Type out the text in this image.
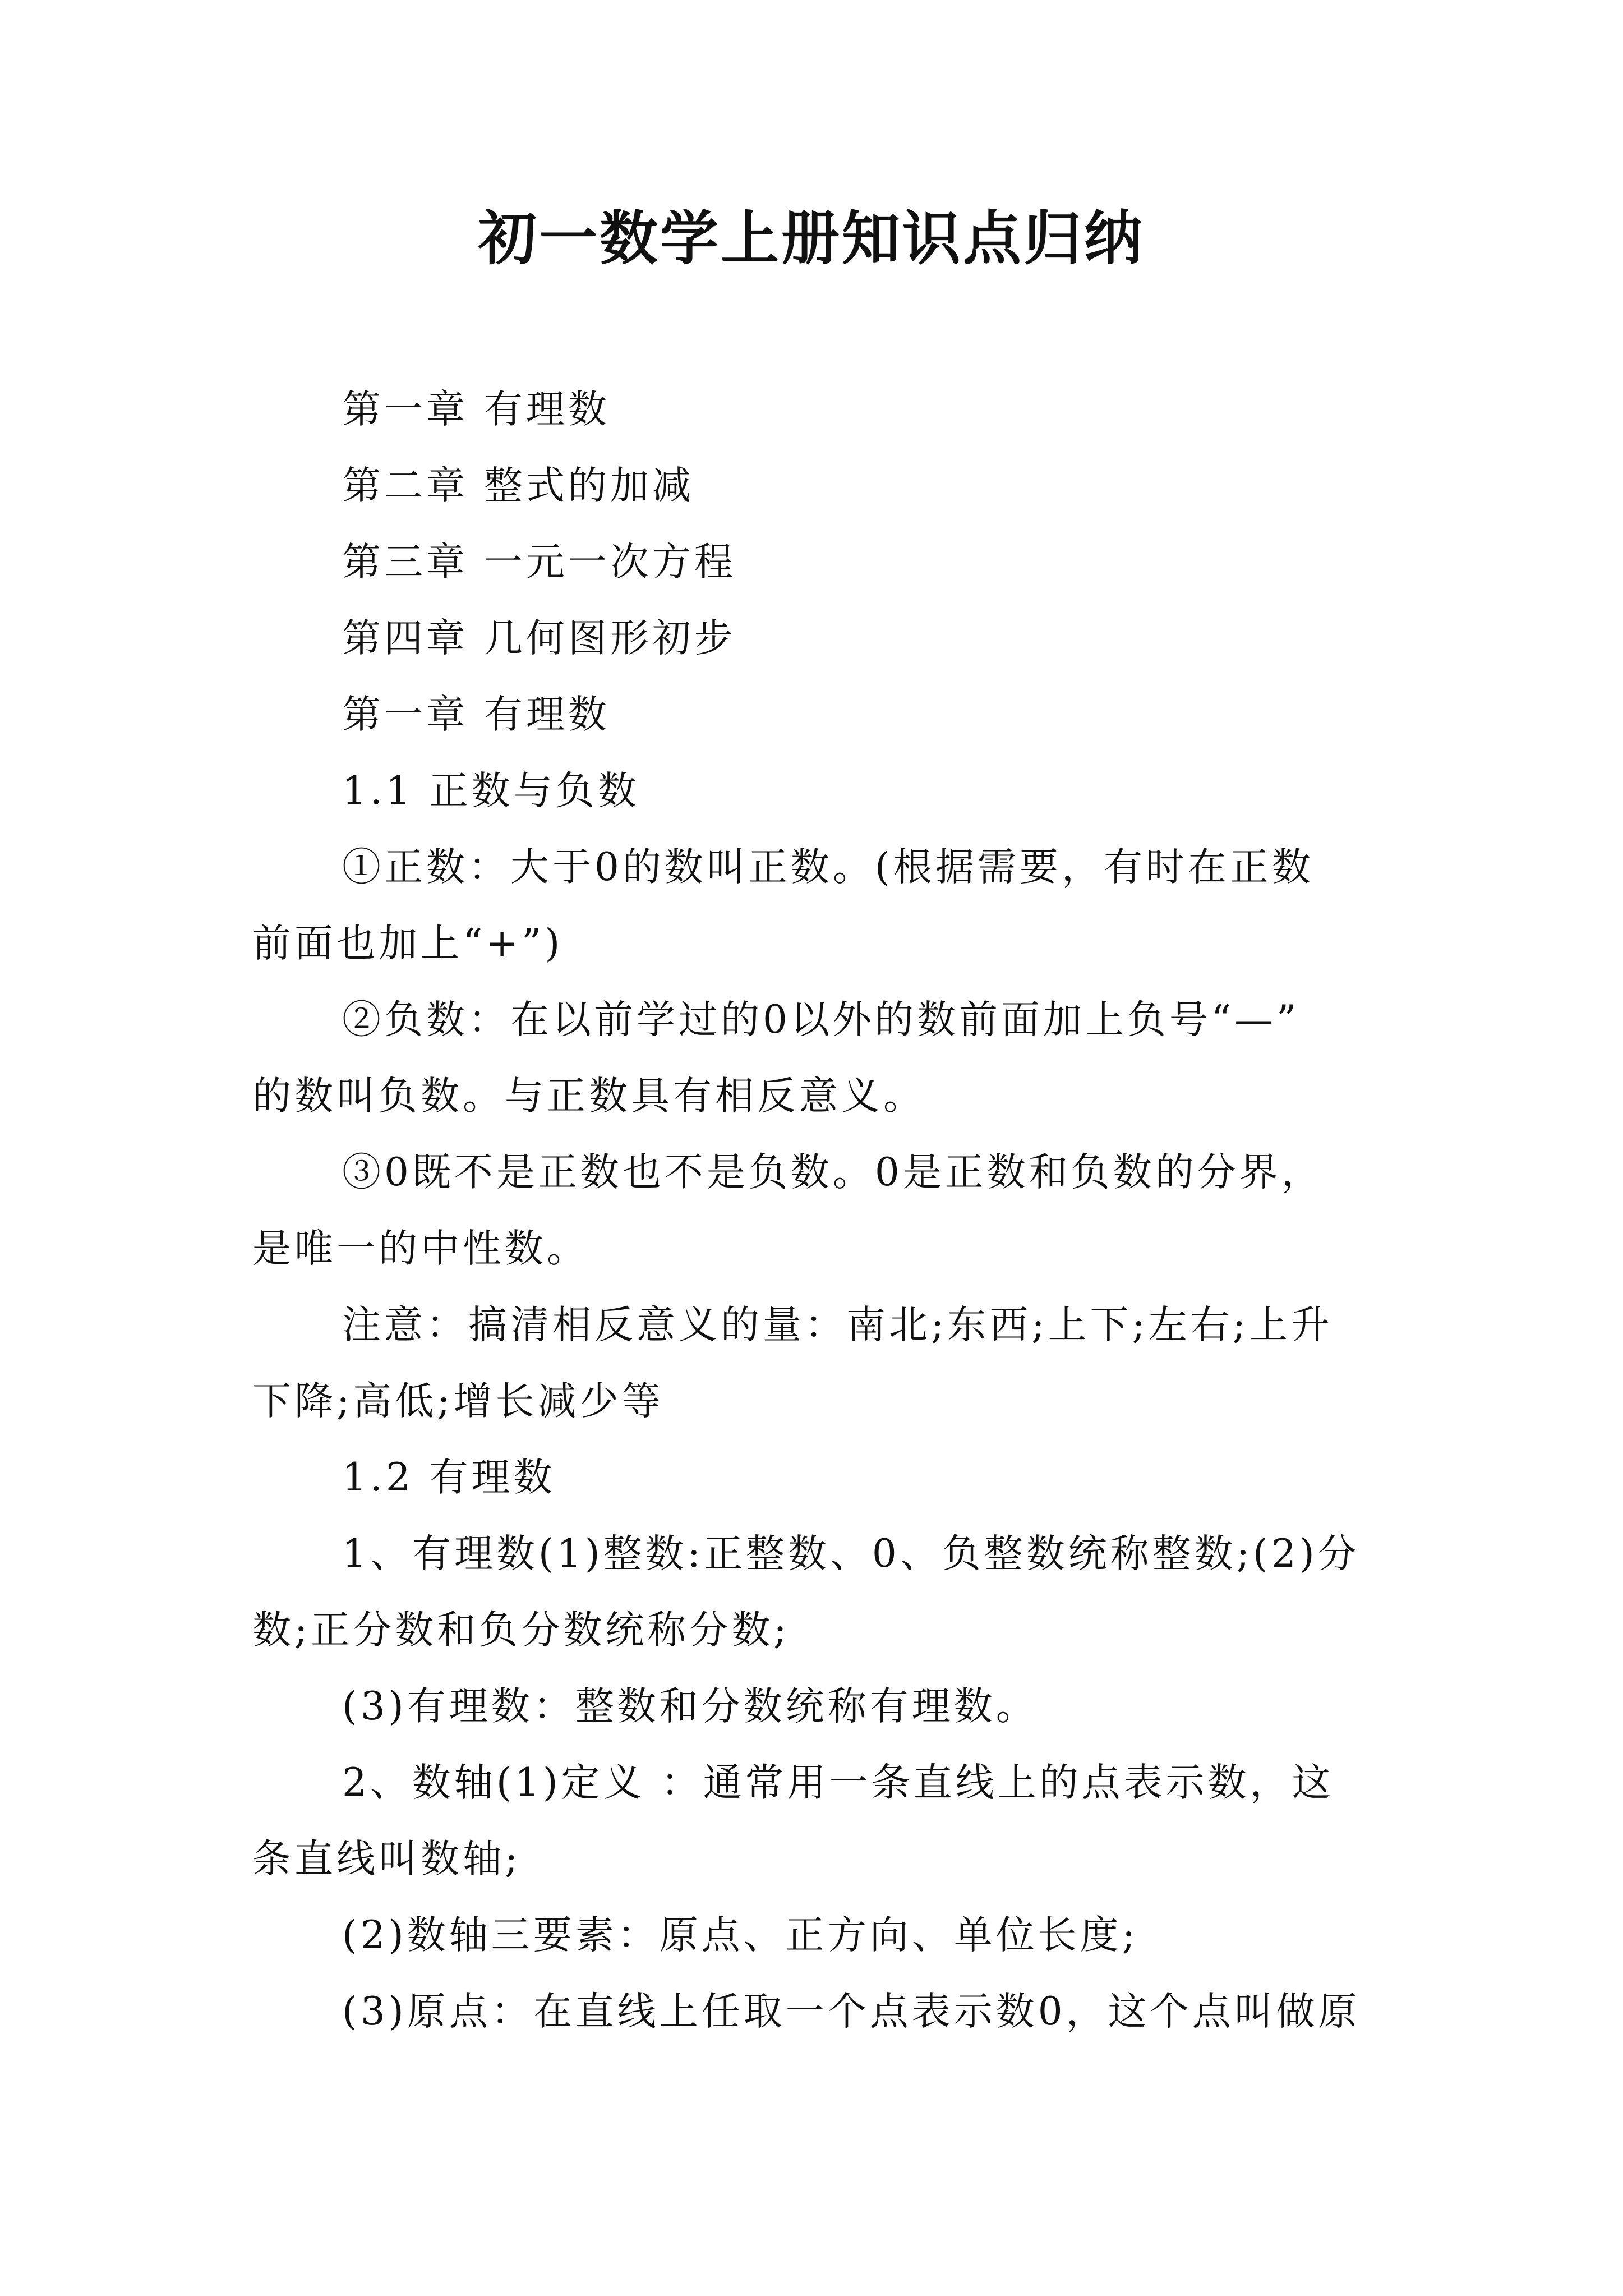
初一数学上册知识点归纳
第一章 有理数
第二章 整式的加减
第三章 一元一次方程
第四章 几何图形初步
第一章 有理数
1.1 正数与负数
①正数：大于0的数叫正数。(根据需要，有时在正数
前面也加上“+”)
②负数：在以前学过的0以外的数前面加上负号“—”
的数叫负数。与正数具有相反意义。
③0既不是正数也不是负数。0是正数和负数的分界，
是唯一的中性数。
注意：搞清相反意义的量：南北;东西;上下;左右;上升
下降;高低;增长减少等
1.2 有理数
1、有理数(1)整数:正整数、0、负整数统称整数;(2)分
数;正分数和负分数统称分数;
(3)有理数：整数和分数统称有理数。
2、数轴(1)定义 ：通常用一条直线上的点表示数，这
条直线叫数轴;
(2)数轴三要素：原点、正方向、单位长度;
(3)原点：在直线上任取一个点表示数0，这个点叫做原
